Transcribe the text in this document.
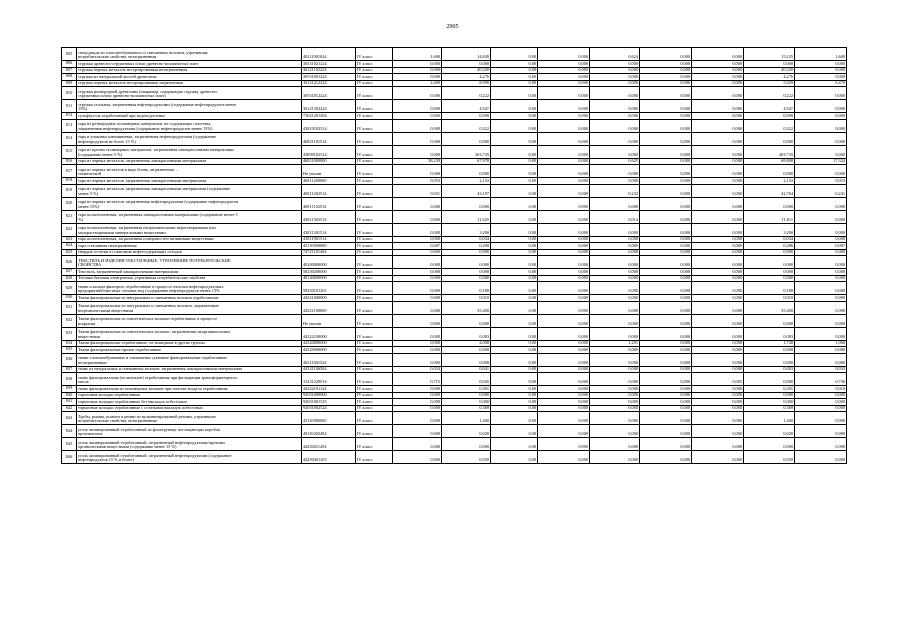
2905
805	спецодежда из хлопчатобумажного и смешанных волокон, утратившая
потребительские свойства, незагрязненная	40211001624	IV класс	1,600	14,849	0,00	0,000	0,624	0,000	0,000	15,225	1,600
806	стружка древесно-стружечных и/или древесно-волокнистых плит	30531021224	IV класс	0,000	0,000	0,00	0,000	0,000	0,000	0,000	0,000	0,000
807	стружка черных металлов несортированная незагрязненная	36121102224	IV класс	0,000	40,328	0,00	0,000	0,000	0,000	0,000	40,328	0,000
808	стружка из натуральной чистой древесины	30531001224	IV класс	0,000	4,276	0,00	0,000	0,000	0,000	0,000	4,276	0,000
809	стружка черных металлов несортированная загрязненная	36121212224	IV класс	2,400	8,990	0,00	0,000	0,000	0,000	0,000	5,029	6,470
810	стружка разнородной древесины (например, содержащая стружку древесно-
стружечных и/или древесно-волокнистых плит)	30531012224	IV класс	0,000	0,222	0,00	0,000	0,000	0,000	0,000	0,222	0,000
811	стружка стальная, загрязненная нефтепродуктами (содержание нефтепродуктов менее
15%)	36121302224	IV класс	0,000	4,947	0,00	0,000	0,000	0,000	0,000	4,947	0,000
812	сульфоуголь отработанный при водоподготовке	71021201494	IV класс	0,000	0,090	0,00	0,000	0,000	0,000	0,000	0,090	0,000
813	тара из разнородных полимерных материалов, не содержащих галогены,
загрязненная нефтепродуктами (содержание нефтепродуктов менее 15%)	43819102514	IV класс	0,000	0,322	0,00	0,000	0,000	0,000	0,000	0,322	0,000
814	тара и упаковка алюминиевая, загрязненная нефтепродуктами (содержание
нефтепродуктов не более 15 %)	46821101514	IV класс	0,000	0,000	0,00	0,000	0,000	0,000	0,000	0,000	0,000
815	тара из прочих полимерных материалов, загрязненная лакокрасочными материалами
(содержание менее 5 %)	43899102514	IV класс	0,000	203,735	0,00	0,000	0,000	0,000	0,000	203,735	0,000
816	тара из черных металлов, загрязненная лакокрасочными материалами	46811000000	IV класс	38,239	67,978	0,00	0,000	0,625	0,000	0,000	68,808	17,324
817	тара из черных металлов в виде бочек, загрязненная ...
технической	Не указан	IV класс	0,000	0,000	0,00	0,000	0,000	0,000	0,000	0,000	0,000
818	тара из черных металлов, загрязненная лакокрасочными материалами	46811200000	IV класс	0,053	2,133	0,00	0,000	0,000	0,000	0,000	2,133	0,053
819	тара из черных металлов, загрязненная лакокрасочными материалами (содержание
менее 5 %)	46811202514	IV класс	0,031	43,197	0,00	0,000	0,232	0,000	0,000	42,764	0,241
820	тара из черных металлов, загрязненная нефтепродуктами (содержание нефтепродуктов
менее 15%)	46811102514	IV класс	0,000	0,000	0,00	0,000	0,000	0,000	0,000	0,000	0,000
821	тара полиэтиленовая, загрязненная лакокрасочными материалами (содержание менее 5
%)	43811302514	IV класс	0,000	11,625	0,00	0,000	0,014	0,000	0,000	11,611	0,000
822	тара полиэтиленовая, загрязненная неорганическими нерастворимыми или
малорастворимыми минеральными веществами	43811201514	IV класс	0,000	3,200	0,00	0,000	0,000	0,000	0,000	3,200	0,000
823	тара полиэтиленовая, загрязненная поверхностно-активными веществами	43811901514	IV класс	0,000	0,034	0,00	0,000	0,000	0,000	0,000	0,034	0,000
824	тара стеклянная незагрязненная	45110000000	IV класс	0,007	0,290	0,00	0,000	0,000	0,000	0,000	0,286	0,007
825	твердые остатки от сжигания нефтесодержащих отходов	74721101404	IV класс	0,000	0,000	0,00	0,000	0,000	0,000	0,000	0,000	0,000
826	ТЕКСТИЛЬ И ИЗДЕЛИЯ ТЕКСТИЛЬНЫЕ, УТРАТИВШИЕ ПОТРЕБИТЕЛЬСКИЕ
СВОЙСТВА	40200000000	IV класс	0,000	0,000	0,00	0,000	0,000	0,000	0,000	0,000	0,000
827	Текстиль, загрязненный лакокрасочными материалами	58230200000	IV класс	0,000	0,000	0,00	0,000	0,000	0,000	0,000	0,000	0,000
828	Техника бытовая электронная, утратившая потребительские свойства	48140000000	IV класс	0,000	0,000	0,00	0,000	0,000	0,000	0,000	0,000	0,000
829	ткани и кольца фильтров, отработанные в процессе очистки нефтепродуктовых
предприятий/очистных сточных вод (содержание нефтепродуктов менее 15%	58250101201	IV класс	0,000	0,180	0,00	0,000	0,000	0,000	0,000	0,180	0,000
830	Ткани фильтровальные из натуральных и смешанных волокон отработанные	44321000000	IV класс	0,000	0,010	0,00	0,000	0,000	0,000	0,000	0,010	0,000
831	Ткани фильтровальные из натуральных и смешанных волокон, загрязненные
неорганическими веществами	44321100000	IV класс	0,000	35,400	0,00	0,000	0,000	0,000	0,000	35,400	0,000
832	Ткани фильтровальные из синтетических волокон отработанные в процессе
вскрытия	Не указан	IV класс	0,000	0,000	0,00	0,000	0,000	0,000	0,000	0,000	0,000
833	Ткани фильтровальные из синтетических волокон, загрязненные неорганическими
веществами	44322100000	IV класс	0,000	0,083	0,00	0,000	0,000	0,000	0,000	0,083	0,000
834	Ткани фильтровальные отработанные, не вошедшие в другие группы	44320000000	IV класс	0,000	4,008	0,00	0,000	1,201	0,000	0,000	1,748	1,060
835	Ткани фильтровальные прочие отработанные	44329000000	IV класс	0,000	0,000	0,00	0,000	0,000	0,000	0,000	0,000	0,000
836	ткани хлопчатобумажные и смешанные сукновые фильтровальные отработанные
незагрязненные	40211001524	IV класс	0,000	0,000	0,00	0,000	0,000	0,000	0,000	0,000	0,000
837	ткань из натуральных и смешанных волокон, загрязненная лакокрасочными материалами	44321106504	IV класс	0,054	0,041	0,00	0,000	0,000	0,000	0,000	0,003	0,033
838	ткань фильтровальная (полиэтилен) отработанная при фильтрации трансформаторного
масла	31231229014	IV класс	0,715	0,045	0,00	0,000	0,000	0,000	0,005	0,000	0,756
839	ткань фильтровальная из полимерных волокон при очистке воздуха отработанная	44322101124	IV класс	0,000	0,301	0,00	0,000	0,000	0,000	0,000	0,291	0,010
840	тормозные колодки отработанные	92031000000	IV класс	0,000	0,000	0,00	0,000	0,000	0,000	0,000	0,000	0,000
841	тормозные колодки отработанные без накладок асбестовых	92031001525	IV класс	0,000	0,000	0,00	0,000	0,000	0,000	0,000	0,000	0,000
842	тормозные колодки отработанные с остатками накладок асбестовых	92031002524	IV класс	0,000	0,369	0,00	0,000	0,000	0,000	0,000	0,369	0,000
843	Трубы, рукава, шланги и ремни из вулканизированной резины, утратившие
потребительские свойства, незагрязненные	43110000000	IV класс	0,000	1,400	0,00	0,000	0,000	0,000	0,000	1,400	0,000
844	уголь активированный отработанный из фильтрующе-поглощающих коробок
противогазов	49110202494	IV класс	0,000	0,020	0,00	0,000	0,000	0,000	0,000	0,020	0,000
845	уголь активированный отработанный, загрязненный нефтепродуктами/прочими
органическими веществами (содержание менее 15 %)	44250411204	IV класс	0,000	0,000	0,00	0,000	0,000	0,000	0,000	0,000	0,000
846	уголь активированный отработанный, загрязненный нефтепродуктами (содержание
нефтепродуктов 15 % и более)	44250401203	IV класс	0,000	0,050	0,00	0,000	0,000	0,000	0,000	0,050	0,000
